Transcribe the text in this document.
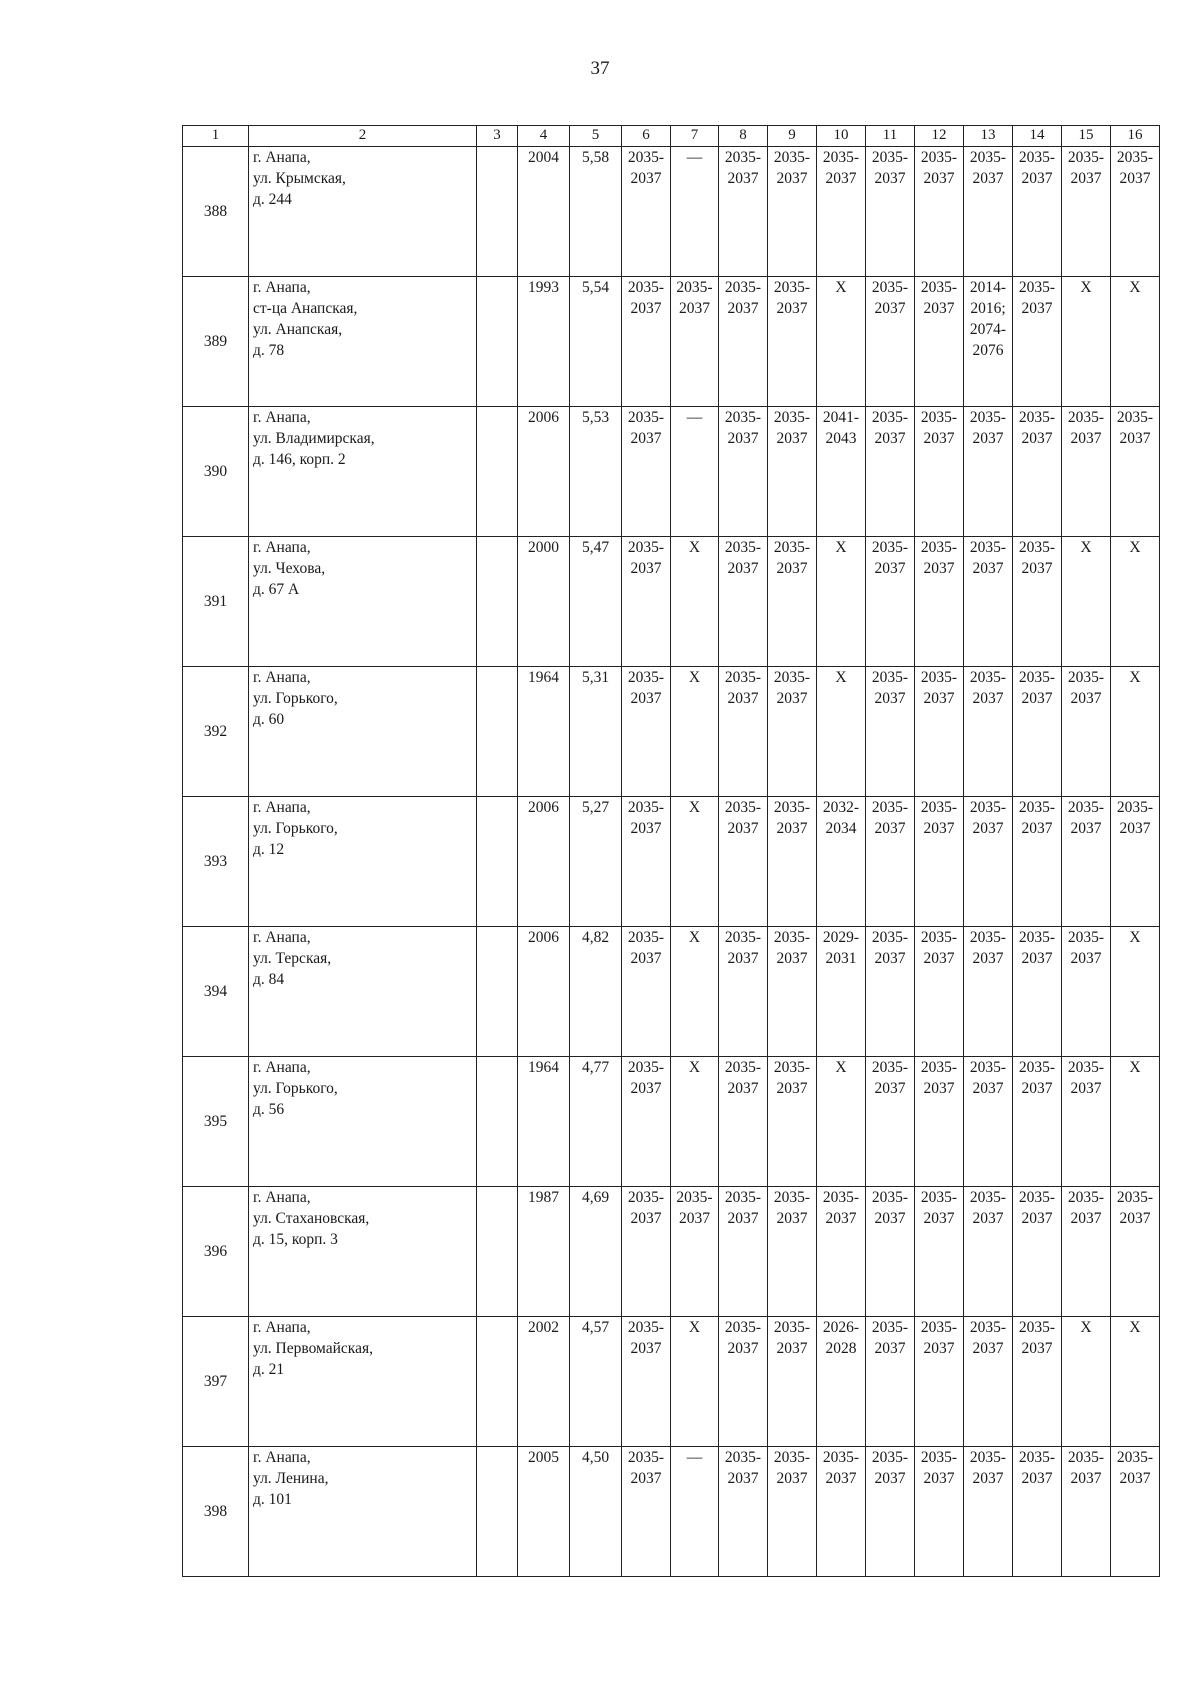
37
1	2	3	4	5	6	7	8	9	10	11	12	13	14	15	16
388	г. Анапа,
ул. Крымская,
д. 244		2004	5,58	2035-
2037	—	2035-
2037	2035-
2037	2035-
2037	2035-
2037	2035-
2037	2035-
2037	2035-
2037	2035-
2037	2035-
2037

389	г. Анапа,
ст-ца Анапская,
ул. Анапская,
д. 78		1993	5,54	2035-
2037	2035-
2037	2035-
2037	2035-
2037	Х	2035-
2037	2035-
2037	2014-
2016;
2074-
2076	2035-
2037	Х	Х

390	г. Анапа,
ул. Владимирская,
д. 146, корп. 2		2006	5,53	2035-
2037	—	2035-
2037	2035-
2037	2041-
2043	2035-
2037	2035-
2037	2035-
2037	2035-
2037	2035-
2037	2035-
2037

391	г. Анапа,
ул. Чехова,
д. 67 А		2000	5,47	2035-
2037	Х	2035-
2037	2035-
2037	Х	2035-
2037	2035-
2037	2035-
2037	2035-
2037	Х	Х

392	г. Анапа,
ул. Горького,
д. 60		1964	5,31	2035-
2037	Х	2035-
2037	2035-
2037	Х	2035-
2037	2035-
2037	2035-
2037	2035-
2037	2035-
2037	Х

393	г. Анапа,
ул. Горького,
д. 12		2006	5,27	2035-
2037	Х	2035-
2037	2035-
2037	2032-
2034	2035-
2037	2035-
2037	2035-
2037	2035-
2037	2035-
2037	2035-
2037

394	г. Анапа,
ул. Терская,
д. 84		2006	4,82	2035-
2037	Х	2035-
2037	2035-
2037	2029-
2031	2035-
2037	2035-
2037	2035-
2037	2035-
2037	2035-
2037	Х

395	г. Анапа,
ул. Горького,
д. 56		1964	4,77	2035-
2037	Х	2035-
2037	2035-
2037	Х	2035-
2037	2035-
2037	2035-
2037	2035-
2037	2035-
2037	Х

396	г. Анапа,
ул. Стахановская,
д. 15, корп. 3		1987	4,69	2035-
2037	2035-
2037	2035-
2037	2035-
2037	2035-
2037	2035-
2037	2035-
2037	2035-
2037	2035-
2037	2035-
2037	2035-
2037

397	г. Анапа,
ул. Первомайская,
д. 21		2002	4,57	2035-
2037	Х	2035-
2037	2035-
2037	2026-
2028	2035-
2037	2035-
2037	2035-
2037	2035-
2037	Х	Х

398	г. Анапа,
ул. Ленина,
д. 101		2005	4,50	2035-
2037	—	2035-
2037	2035-
2037	2035-
2037	2035-
2037	2035-
2037	2035-
2037	2035-
2037	2035-
2037	2035-
2037
